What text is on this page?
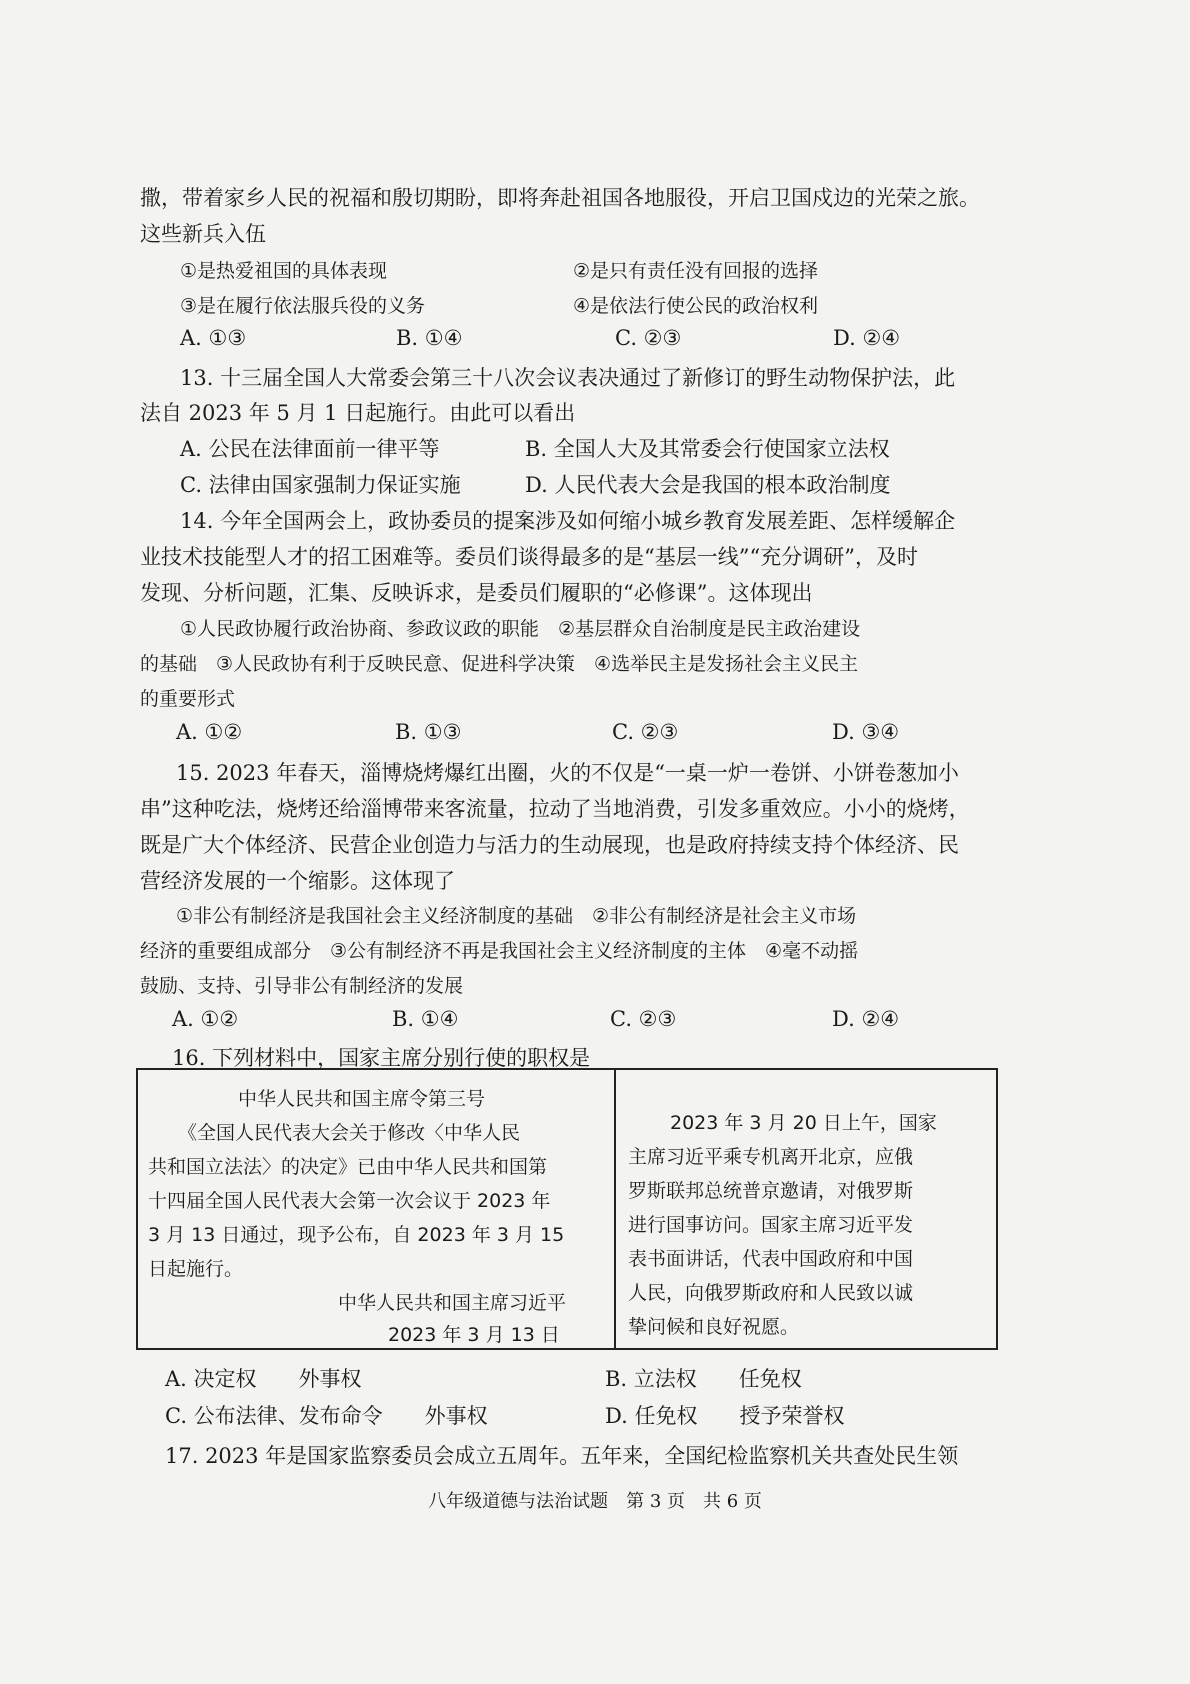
撒，带着家乡人民的祝福和殷切期盼，即将奔赴祖国各地服役，开启卫国戍边的光荣之旅。
这些新兵入伍
①是热爱祖国的具体表现	②是只有责任没有回报的选择
③是在履行依法服兵役的义务	④是依法行使公民的政治权利
A. ①③	B. ①④	C. ②③	D. ②④
13. 十三届全国人大常委会第三十八次会议表决通过了新修订的野生动物保护法，此
法自 2023 年 5 月 1 日起施行。由此可以看出
A. 公民在法律面前一律平等	B. 全国人大及其常委会行使国家立法权
C. 法律由国家强制力保证实施	D. 人民代表大会是我国的根本政治制度
14. 今年全国两会上，政协委员的提案涉及如何缩小城乡教育发展差距、怎样缓解企
业技术技能型人才的招工困难等。委员们谈得最多的是“基层一线”“充分调研”，及时
发现、分析问题，汇集、反映诉求，是委员们履职的“必修课”。这体现出
①人民政协履行政治协商、参政议政的职能　②基层群众自治制度是民主政治建设
的基础　③人民政协有利于反映民意、促进科学决策　④选举民主是发扬社会主义民主
的重要形式
A. ①②	B. ①③	C. ②③	D. ③④
15. 2023 年春天，淄博烧烤爆红出圈，火的不仅是“一桌一炉一卷饼、小饼卷葱加小
串”这种吃法，烧烤还给淄博带来客流量，拉动了当地消费，引发多重效应。小小的烧烤，
既是广大个体经济、民营企业创造力与活力的生动展现，也是政府持续支持个体经济、民
营经济发展的一个缩影。这体现了
①非公有制经济是我国社会主义经济制度的基础　②非公有制经济是社会主义市场
经济的重要组成部分　③公有制经济不再是我国社会主义经济制度的主体　④毫不动摇
鼓励、支持、引导非公有制经济的发展
A. ①②	B. ①④	C. ②③	D. ②④
16. 下列材料中，国家主席分别行使的职权是
中华人民共和国主席令第三号
《全国人民代表大会关于修改〈中华人民
共和国立法法〉的决定》已由中华人民共和国第
十四届全国人民代表大会第一次会议于 2023 年
3 月 13 日通过，现予公布，自 2023 年 3 月 15
日起施行。
中华人民共和国主席习近平
2023 年 3 月 13 日
2023 年 3 月 20 日上午，国家
主席习近平乘专机离开北京，应俄
罗斯联邦总统普京邀请，对俄罗斯
进行国事访问。国家主席习近平发
表书面讲话，代表中国政府和中国
人民，向俄罗斯政府和人民致以诚
挚问候和良好祝愿。
A. 决定权　　外事权	B. 立法权　　任免权
C. 公布法律、发布命令　　外事权	D. 任免权　　授予荣誉权
17. 2023 年是国家监察委员会成立五周年。五年来，全国纪检监察机关共查处民生领
八年级道德与法治试题　第 3 页　共 6 页
